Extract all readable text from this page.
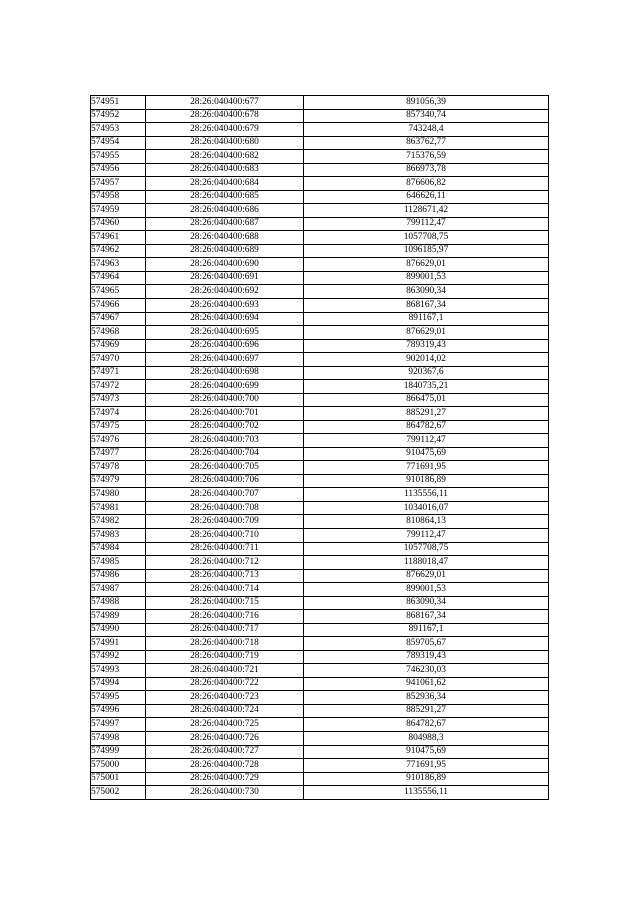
574951	28:26:040400:677	891056,39
574952	28:26:040400:678	857340,74
574953	28:26:040400:679	743248,4
574954	28:26:040400:680	863762,77
574955	28:26:040400:682	715376,59
574956	28:26:040400:683	866973,78
574957	28:26:040400:684	876606,82
574958	28:26:040400:685	646626,11
574959	28:26:040400:686	1128671,42
574960	28:26:040400:687	799112,47
574961	28:26:040400:688	1057708,75
574962	28:26:040400:689	1096185,97
574963	28:26:040400:690	876629,01
574964	28:26:040400:691	899001,53
574965	28:26:040400:692	863090,34
574966	28:26:040400:693	868167,34
574967	28:26:040400:694	891167,1
574968	28:26:040400:695	876629,01
574969	28:26:040400:696	789319,43
574970	28:26:040400:697	902014,02
574971	28:26:040400:698	920367,6
574972	28:26:040400:699	1840735,21
574973	28:26:040400:700	866475,01
574974	28:26:040400:701	885291,27
574975	28:26:040400:702	864782,67
574976	28:26:040400:703	799112,47
574977	28:26:040400:704	910475,69
574978	28:26:040400:705	771691,95
574979	28:26:040400:706	910186,89
574980	28:26:040400:707	1135556,11
574981	28:26:040400:708	1034016,07
574982	28:26:040400:709	810864,13
574983	28:26:040400:710	799112,47
574984	28:26:040400:711	1057708,75
574985	28:26:040400:712	1188018,47
574986	28:26:040400:713	876629,01
574987	28:26:040400:714	899001,53
574988	28:26:040400:715	863090,34
574989	28:26:040400:716	868167,34
574990	28:26:040400:717	891167,1
574991	28:26:040400:718	859705,67
574992	28:26:040400:719	789319,43
574993	28:26:040400:721	746230,03
574994	28:26:040400:722	941061,62
574995	28:26:040400:723	852936,34
574996	28:26:040400:724	885291,27
574997	28:26:040400:725	864782,67
574998	28:26:040400:726	804988,3
574999	28:26:040400:727	910475,69
575000	28:26:040400:728	771691,95
575001	28:26:040400:729	910186,89
575002	28:26:040400:730	1135556,11
